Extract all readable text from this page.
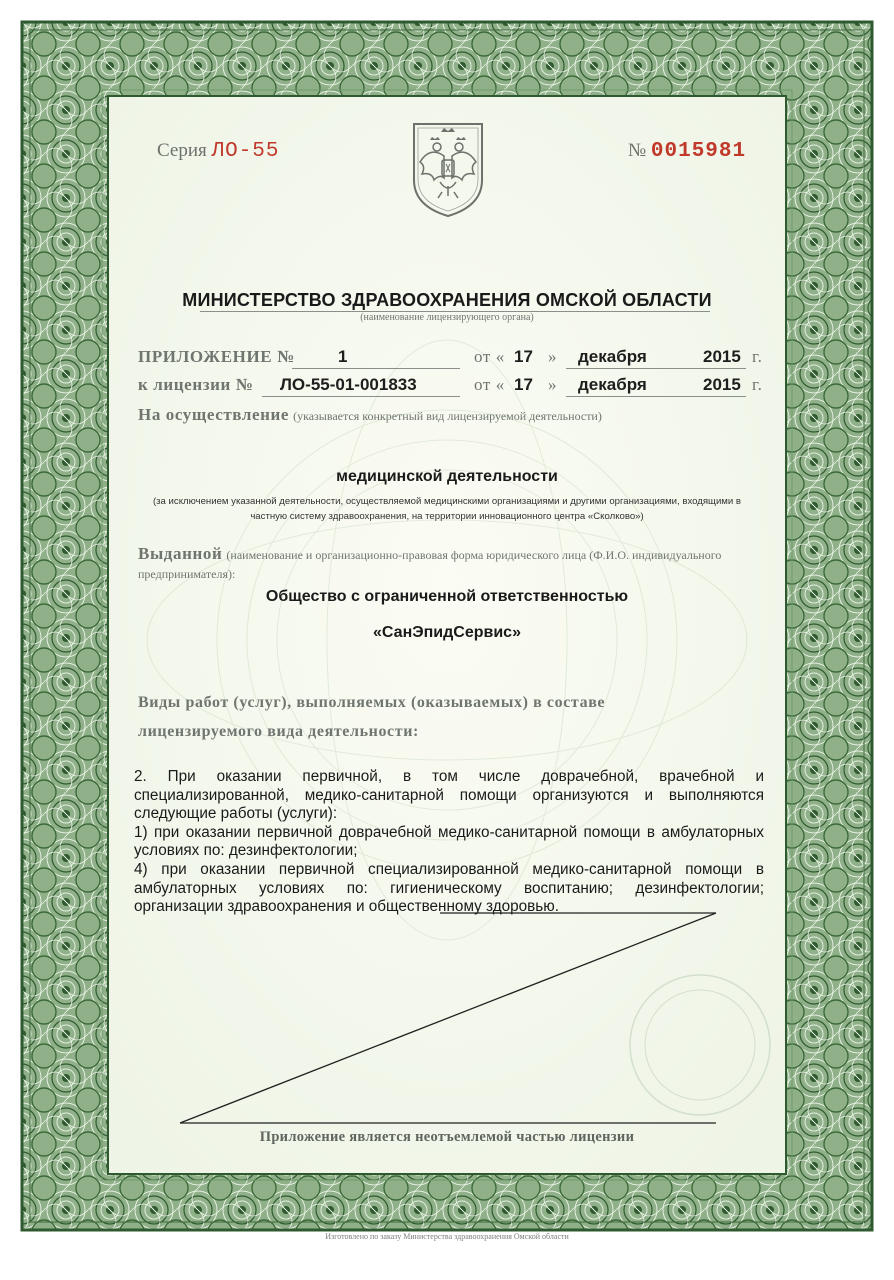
Серия ЛО-55	№ 0015981
МИНИСТЕРСТВО ЗДРАВООХРАНЕНИЯ ОМСКОЙ ОБЛАСТИ
(наименование лицензирующего органа)
ПРИЛОЖЕНИЕ №	1	от « 17 » декабря	2015 г.
к лицензии № ЛО-55-01-001833	от « 17 » декабря	2015 г.
На осуществление (указывается конкретный вид лицензируемой деятельности)
медицинской деятельности
(за исключением указанной деятельности, осуществляемой медицинскими организациями и другими организациями, входящими в
частную систему здравоохранения, на территории инновационного центра «Сколково»)
Выданной (наименование и организационно-правовая форма юридического лица (Ф.И.О. индивидуального
предпринимателя):
Общество с ограниченной ответственностью
«СанЭпидСервис»
Виды работ (услуг), выполняемых (оказываемых) в составе
лицензируемого вида деятельности:

2. При оказании первичной, в том числе доврачебной, врачебной и специализированной, медико-санитарной помощи организуются и выполняются следующие работы (услуги):

1) при оказании первичной доврачебной медико-санитарной помощи в амбулаторных условиях по: дезинфектологии;

4) при оказании первичной специализированной медико-санитарной помощи в амбулаторных условиях по: гигиеническому воспитанию; дезинфектологии; организации здравоохранения и общественному здоровью.

Приложение является неотъемлемой частью лицензии
Изготовлено по заказу Министерства здравоохранения Омской области
